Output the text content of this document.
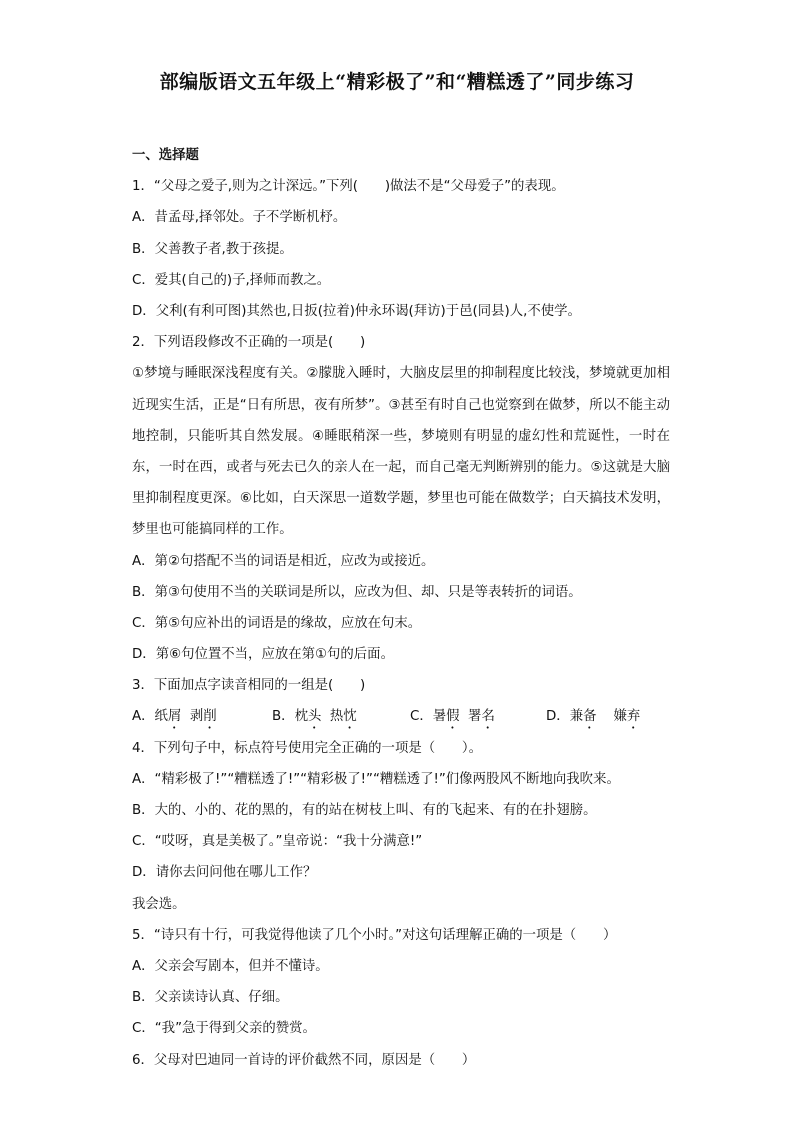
部编版语文五年级上“精彩极了”和“糟糕透了”同步练习
一、选择题
1．“父母之爱子,则为之计深远。”下列(　　)做法不是“父母爱子”的表现。
A．昔孟母,择邻处。子不学断机杼。
B．父善教子者,教于孩提。
C．爱其(自己的)子,择师而教之。
D．父利(有利可图)其然也,日扳(拉着)仲永环谒(拜访)于邑(同县)人,不使学。
2．下列语段修改不正确的一项是(　　)

①梦境与睡眠深浅程度有关。②朦胧入睡时，大脑皮层里的抑制程度比较浅，梦境就更加相近现实生活，正是“日有所思，夜有所梦”。③甚至有时自己也觉察到在做梦，所以不能主动地控制，只能听其自然发展。④睡眠稍深一些，梦境则有明显的虚幻性和荒诞性，一时在东，一时在西，或者与死去已久的亲人在一起，而自己毫无判断辨别的能力。⑤这就是大脑里抑制程度更深。⑥比如，白天深思一道数学题，梦里也可能在做数学；白天搞技术发明，梦里也可能搞同样的工作。

A．第②句搭配不当的词语是相近，应改为或接近。
B．第③句使用不当的关联词是所以，应改为但、却、只是等表转折的词语。
C．第⑤句应补出的词语是的缘故，应放在句末。
D．第⑥句位置不当，应放在第①句的后面。
3．下面加点字读音相同的一组是(　　)
A．纸屑  剥削	B．枕头  热忱	C．暑假  署名	D．兼备    嫌弃
4．下列句子中，标点符号使用完全正确的一项是（　　）。
A．“精彩极了!”“糟糕透了!”“精彩极了!”“糟糕透了!”们像两股风不断地向我吹来。
B．大的、小的、花的黑的，有的站在树枝上叫、有的飞起来、有的在扑翅膀。
C．“哎呀，真是美极了。”皇帝说：“我十分满意!”
D．请你去问问他在哪儿工作？
我会选。
5．“诗只有十行，可我觉得他读了几个小时。”对这句话理解正确的一项是（　　）
A．父亲会写剧本，但并不懂诗。
B．父亲读诗认真、仔细。
C．“我”急于得到父亲的赞赏。
6．父母对巴迪同一首诗的评价截然不同，原因是（　　）
